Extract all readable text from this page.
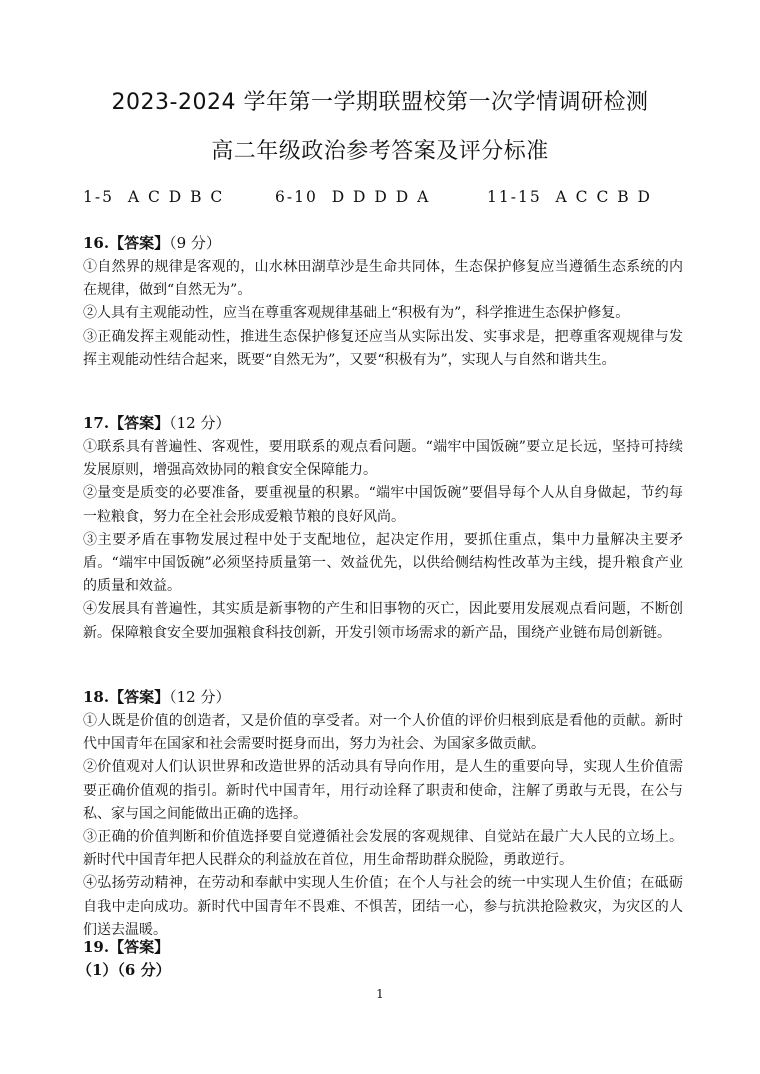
2023-2024 学年第一学期联盟校第一次学情调研检测
高二年级政治参考答案及评分标准
1-5 A C D B C	6-10 D D D D A	11-15 A C C B D
16.【答案】（9 分）

①自然界的规律是客观的，山水林田湖草沙是生命共同体，生态保护修复应当遵循生态系统的内在规律，做到“自然无为”。

②人具有主观能动性，应当在尊重客观规律基础上“积极有为”，科学推进生态保护修复。

③正确发挥主观能动性，推进生态保护修复还应当从实际出发、实事求是，把尊重客观规律与发挥主观能动性结合起来，既要“自然无为”，又要“积极有为”，实现人与自然和谐共生。

17.【答案】（12 分）

①联系具有普遍性、客观性，要用联系的观点看问题。“端牢中国饭碗”要立足长远，坚持可持续发展原则，增强高效协同的粮食安全保障能力。

②量变是质变的必要准备，要重视量的积累。“端牢中国饭碗”要倡导每个人从自身做起，节约每一粒粮食，努力在全社会形成爱粮节粮的良好风尚。

③主要矛盾在事物发展过程中处于支配地位，起决定作用，要抓住重点，集中力量解决主要矛盾。“端牢中国饭碗”必须坚持质量第一、效益优先，以供给侧结构性改革为主线，提升粮食产业的质量和效益。

④发展具有普遍性，其实质是新事物的产生和旧事物的灭亡，因此要用发展观点看问题，不断创新。保障粮食安全要加强粮食科技创新，开发引领市场需求的新产品，围绕产业链布局创新链。

18.【答案】（12 分）

①人既是价值的创造者，又是价值的享受者。对一个人价值的评价归根到底是看他的贡献。新时代中国青年在国家和社会需要时挺身而出，努力为社会、为国家多做贡献。

②价值观对人们认识世界和改造世界的活动具有导向作用，是人生的重要向导，实现人生价值需要正确价值观的指引。新时代中国青年，用行动诠释了职责和使命，注解了勇敢与无畏，在公与私、家与国之间能做出正确的选择。

③正确的价值判断和价值选择要自觉遵循社会发展的客观规律、自觉站在最广大人民的立场上。新时代中国青年把人民群众的利益放在首位，用生命帮助群众脱险，勇敢逆行。

④弘扬劳动精神，在劳动和奉献中实现人生价值；在个人与社会的统一中实现人生价值；在砥砺自我中走向成功。新时代中国青年不畏难、不惧苦，团结一心，参与抗洪抢险救灾，为灾区的人们送去温暖。

19.【答案】
（1）（6 分）
1
